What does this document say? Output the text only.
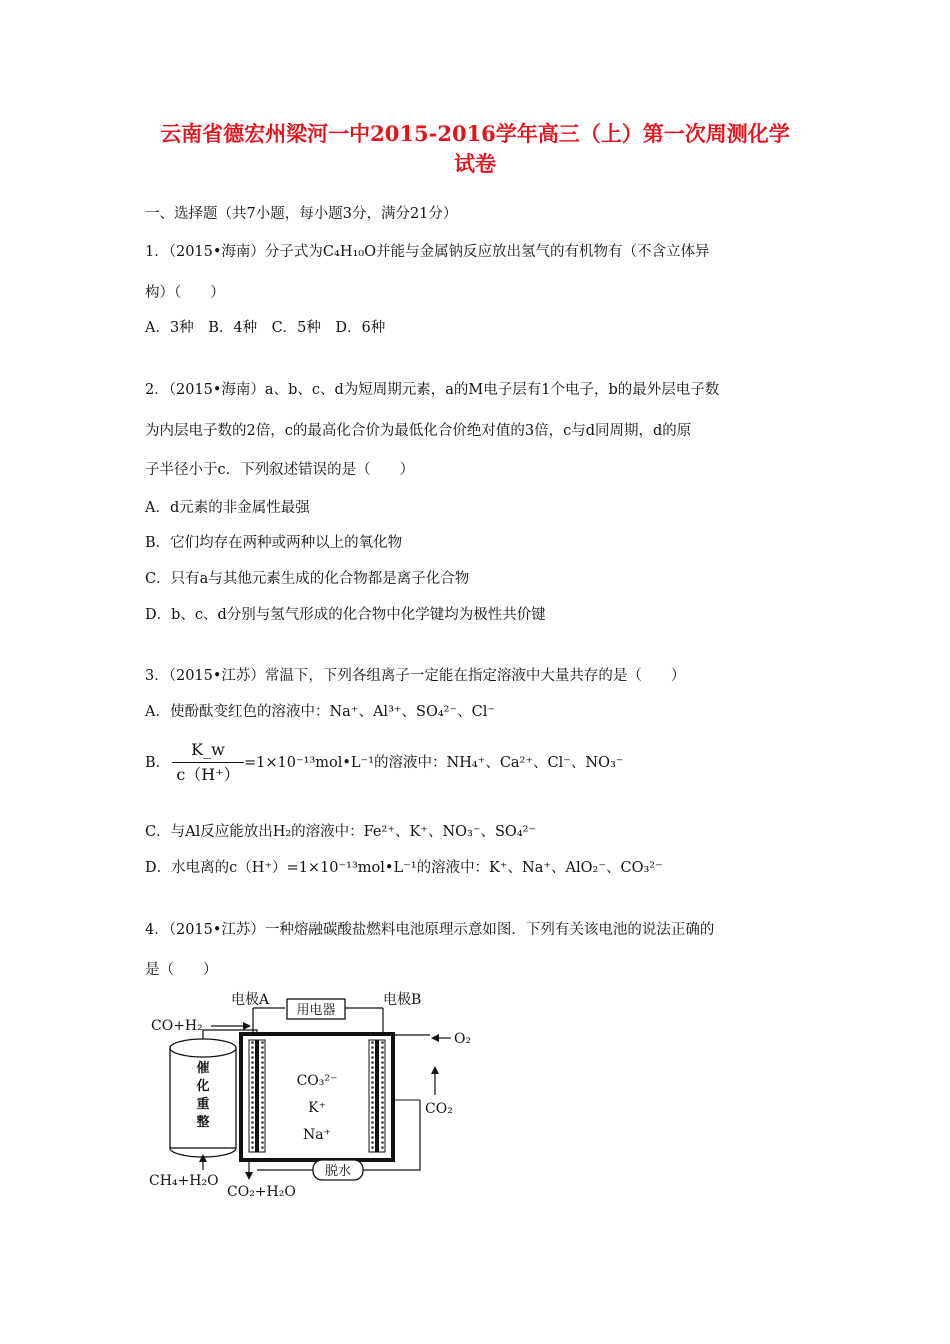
云南省德宏州梁河一中2015-2016学年高三（上）第一次周测化学
试卷
一、选择题（共7小题，每小题3分，满分21分）
1．（2015•海南）分子式为C₄H₁₀O并能与金属钠反应放出氢气的有机物有（不含立体异
构）（　　）
A．3种　B．4种　C．5种　D．6种
2．（2015•海南）a、b、c、d为短周期元素，a的M电子层有1个电子，b的最外层电子数
为内层电子数的2倍，c的最高化合价为最低化合价绝对值的3倍，c与d同周期，d的原
子半径小于c．下列叙述错误的是（　　）
A．d元素的非金属性最强
B．它们均存在两种或两种以上的氧化物
C．只有a与其他元素生成的化合物都是离子化合物
D．b、c、d分别与氢气形成的化合物中化学键均为极性共价键
3．（2015•江苏）常温下，下列各组离子一定能在指定溶液中大量共存的是（　　）
A．使酚酞变红色的溶液中：Na⁺、Al³⁺、SO₄²⁻、Cl⁻
B．
K_w
c（H⁺）
=1×10⁻¹³mol•L⁻¹的溶液中：NH₄⁺、Ca²⁺、Cl⁻、NO₃⁻
C．与Al反应能放出H₂的溶液中：Fe²⁺、K⁺、NO₃⁻、SO₄²⁻
D．水电离的c（H⁺）=1×10⁻¹³mol•L⁻¹的溶液中：K⁺、Na⁺、AlO₂⁻、CO₃²⁻
4．（2015•江苏）一种熔融碳酸盐燃料电池原理示意如图．下列有关该电池的说法正确的
是（　　）
电极A	电极B
CO+H₂
用电器
O₂
CO₂
催
化
重
整
CH₄+H₂O
CO₃²⁻
K⁺
Na⁺
CO₂+H₂O
脱水
